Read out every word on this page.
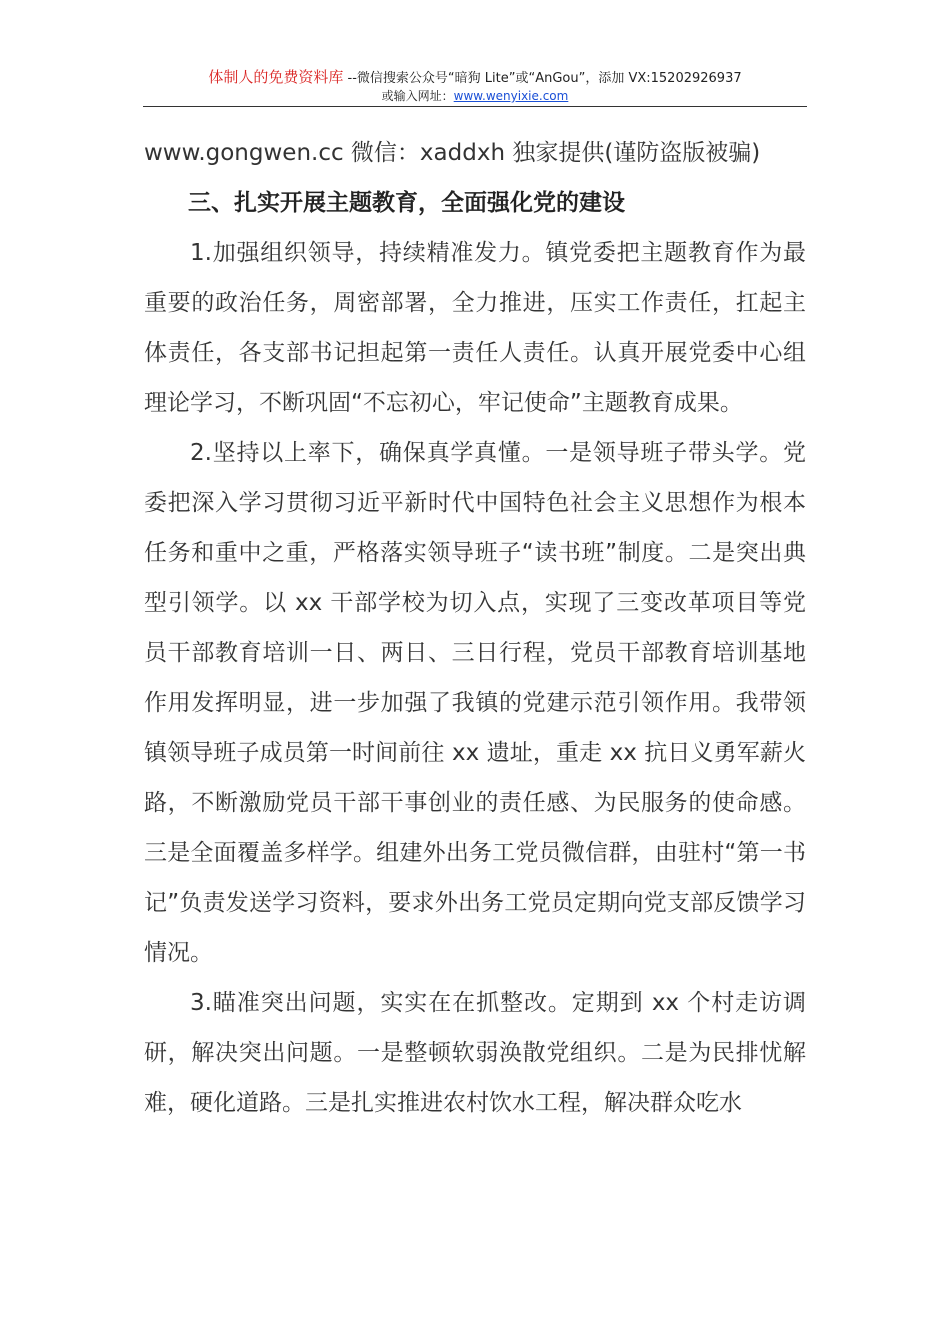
体制人的免费资料库 --微信搜索公众号“暗狗 Lite”或“AnGou”，添加 VX:15202926937
或输入网址：www.wenyixie.com
www.gongwen.cc 微信：xaddxh 独家提供(谨防盗版被骗)
三、扎实开展主题教育，全面强化党的建设

1.加强组织领导，持续精准发力。镇党委把主题教育作为最重要的政治任务，周密部署，全力推进，压实工作责任，扛起主体责任，各支部书记担起第一责任人责任。认真开展党委中心组理论学习，不断巩固“不忘初心，牢记使命”主题教育成果。

2.坚持以上率下，确保真学真懂。一是领导班子带头学。党委把深入学习贯彻习近平新时代中国特色社会主义思想作为根本任务和重中之重，严格落实领导班子“读书班”制度。二是突出典型引领学。以 xx 干部学校为切入点，实现了三变改革项目等党员干部教育培训一日、两日、三日行程，党员干部教育培训基地作用发挥明显，进一步加强了我镇的党建示范引领作用。我带领镇领导班子成员第一时间前往 xx 遗址，重走 xx 抗日义勇军薪火路，不断激励党员干部干事创业的责任感、为民服务的使命感。三是全面覆盖多样学。组建外出务工党员微信群，由驻村“第一书记”负责发送学习资料，要求外出务工党员定期向党支部反馈学习情况。

3.瞄准突出问题，实实在在抓整改。定期到 xx 个村走访调研，解决突出问题。一是整顿软弱涣散党组织。二是为民排忧解难，硬化道路。三是扎实推进农村饮水工程，解决群众吃水
